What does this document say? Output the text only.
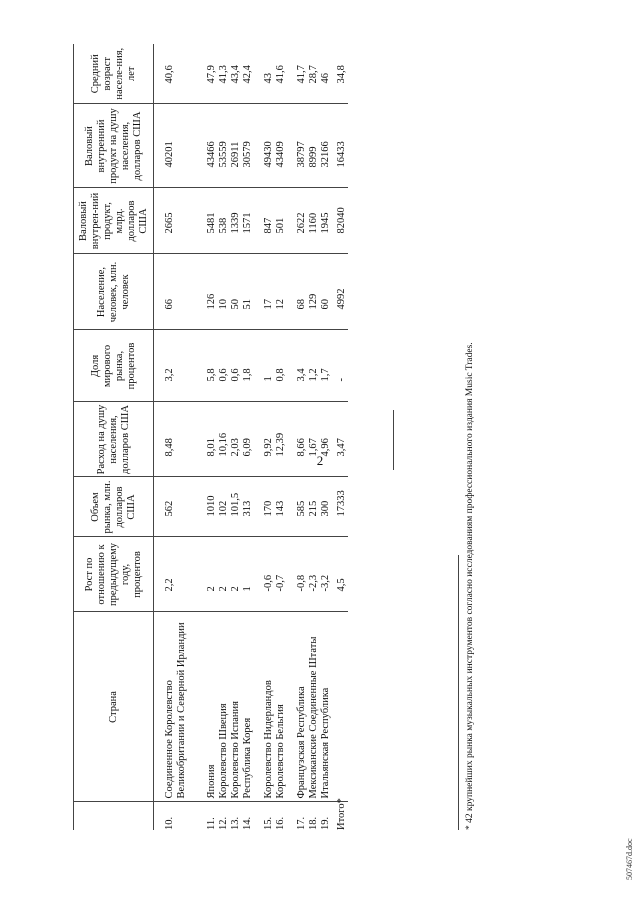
2
	Страна	Рост по отношению к предыдущему году, процентов	Объем рынка, млн. долларов США	Расход на душу населения, долларов США	Доля мирового рынка, процентов	Население, человек, млн. человек	Валовый внутрен-ний продукт, млрд. долларов США	Валовый внутренний продукт на душу населения, долларов США	Средний возраст населе-ния, лет

10.	Соединенное Королевство Великобритании и Северной Ирландии	2,2	562	8,48	3,2	66	2665	40201	40,6
11.	Япония	2	1010	8,01	5,8	126	5481	43466	47,9
12.	Королевство Швеция	2	102	10,16	0,6	10	538	53559	41,3
13.	Королевство Испания	2	101,5	2,03	0,6	50	1339	26911	43,4
14.	Республика Корея	1	313	6,09	1,8	51	1571	30579	42,4
15.	Королевство Нидерландов	-0,6	170	9,92	1	17	847	49430	43
16.	Королевство Бельгия	-0,7	143	12,39	0,8	12	501	43409	41,6
17.	Французская Республика	-0,8	585	8,66	3,4	68	2622	38797	41,7
18.	Мексиканские Соединенные Штаты	-2,3	215	1,67	1,2	129	1160	8999	28,7
19.	Итальянская Республика	-3,2	300	4,96	1,7	60	1945	32166	46
Итого*		4,5	17333	3,47	-	4992	82040	16433	34,8
* 42 крупнейших рынка музыкальных инструментов согласно исследованиям профессионального издания Music Trades.
507467d.doc
